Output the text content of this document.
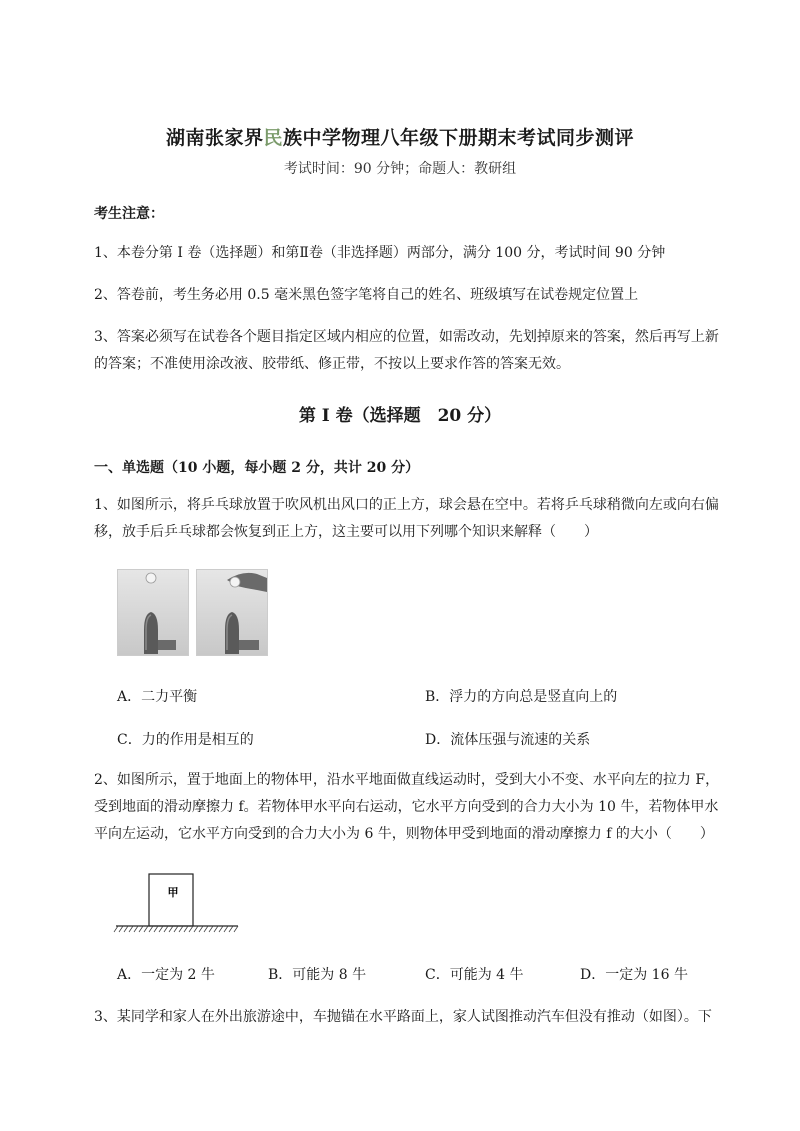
湖南张家界民族中学物理八年级下册期末考试同步测评
考试时间：90 分钟；命题人：教研组
考生注意：
1、本卷分第 I 卷（选择题）和第Ⅱ卷（非选择题）两部分，满分 100 分，考试时间 90 分钟
2、答卷前，考生务必用 0.5 毫米黑色签字笔将自己的姓名、班级填写在试卷规定位置上
3、答案必须写在试卷各个题目指定区域内相应的位置，如需改动，先划掉原来的答案，然后再写上新
的答案；不准使用涂改液、胶带纸、修正带，不按以上要求作答的答案无效。
第 I 卷（选择题　20 分）
一、单选题（10 小题，每小题 2 分，共计 20 分）
1、如图所示，将乒乓球放置于吹风机出风口的正上方，球会悬在空中。若将乒乓球稍微向左或向右偏
移，放手后乒乓球都会恢复到正上方，这主要可以用下列哪个知识来解释（　　）
A．二力平衡	B．浮力的方向总是竖直向上的
C．力的作用是相互的	D．流体压强与流速的关系
2、如图所示，置于地面上的物体甲，沿水平地面做直线运动时，受到大小不变、水平向左的拉力 F，
受到地面的滑动摩擦力 f。若物体甲水平向右运动，它水平方向受到的合力大小为 10 牛，若物体甲水
平向左运动，它水平方向受到的合力大小为 6 牛，则物体甲受到地面的滑动摩擦力 f 的大小（　　）
甲
A．一定为 2 牛	B．可能为 8 牛	C．可能为 4 牛	D．一定为 16 牛
3、某同学和家人在外出旅游途中，车抛锚在水平路面上，家人试图推动汽车但没有推动（如图）。下
